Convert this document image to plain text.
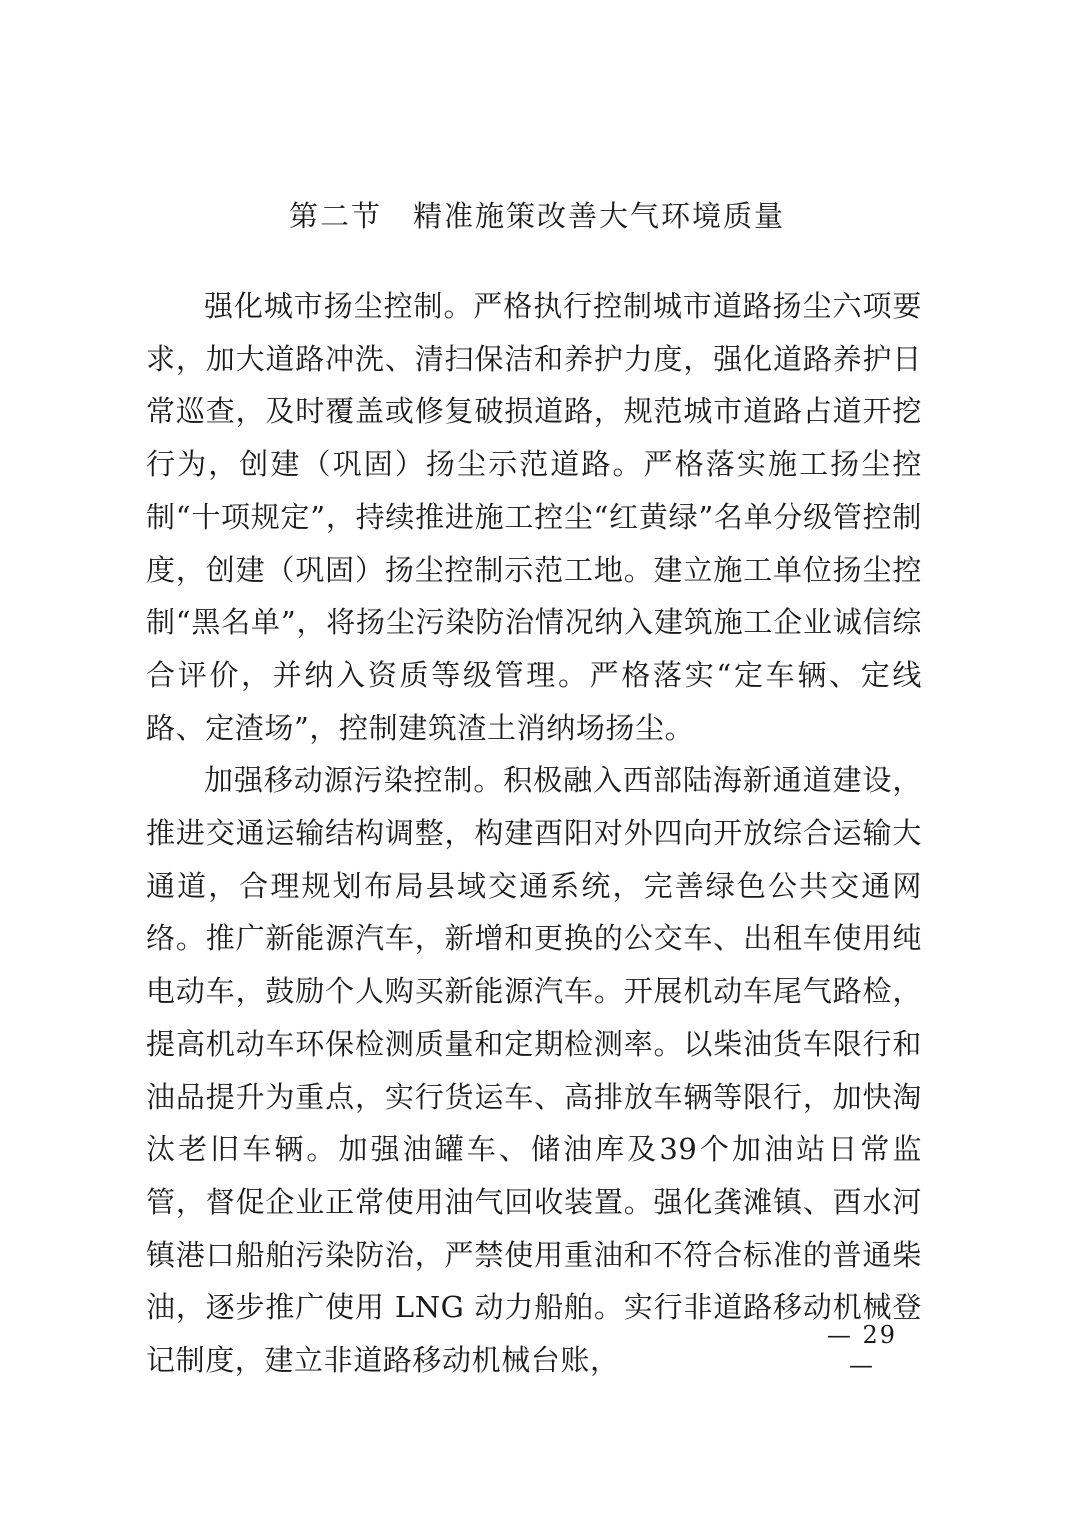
第二节　精准施策改善大气环境质量

强化城市扬尘控制。严格执行控制城市道路扬尘六项要求，加大道路冲洗、清扫保洁和养护力度，强化道路养护日常巡查，及时覆盖或修复破损道路，规范城市道路占道开挖行为，创建（巩固）扬尘示范道路。严格落实施工扬尘控制“十项规定”，持续推进施工控尘“红黄绿”名单分级管控制度，创建（巩固）扬尘控制示范工地。建立施工单位扬尘控制“黑名单”，将扬尘污染防治情况纳入建筑施工企业诚信综合评价，并纳入资质等级管理。严格落实“定车辆、定线路、定渣场”，控制建筑渣土消纳场扬尘。

加强移动源污染控制。积极融入西部陆海新通道建设，推进交通运输结构调整，构建酉阳对外四向开放综合运输大通道，合理规划布局县域交通系统，完善绿色公共交通网络。推广新能源汽车，新增和更换的公交车、出租车使用纯电动车，鼓励个人购买新能源汽车。开展机动车尾气路检，提高机动车环保检测质量和定期检测率。以柴油货车限行和油品提升为重点，实行货运车、高排放车辆等限行，加快淘汰老旧车辆。加强油罐车、储油库及39个加油站日常监管，督促企业正常使用油气回收装置。强化龚滩镇、酉水河镇港口船舶污染防治，严禁使用重油和不符合标准的普通柴油，逐步推广使用 LNG 动力船舶。实行非道路移动机械登记制度，建立非道路移动机械台账，

— 29 —
